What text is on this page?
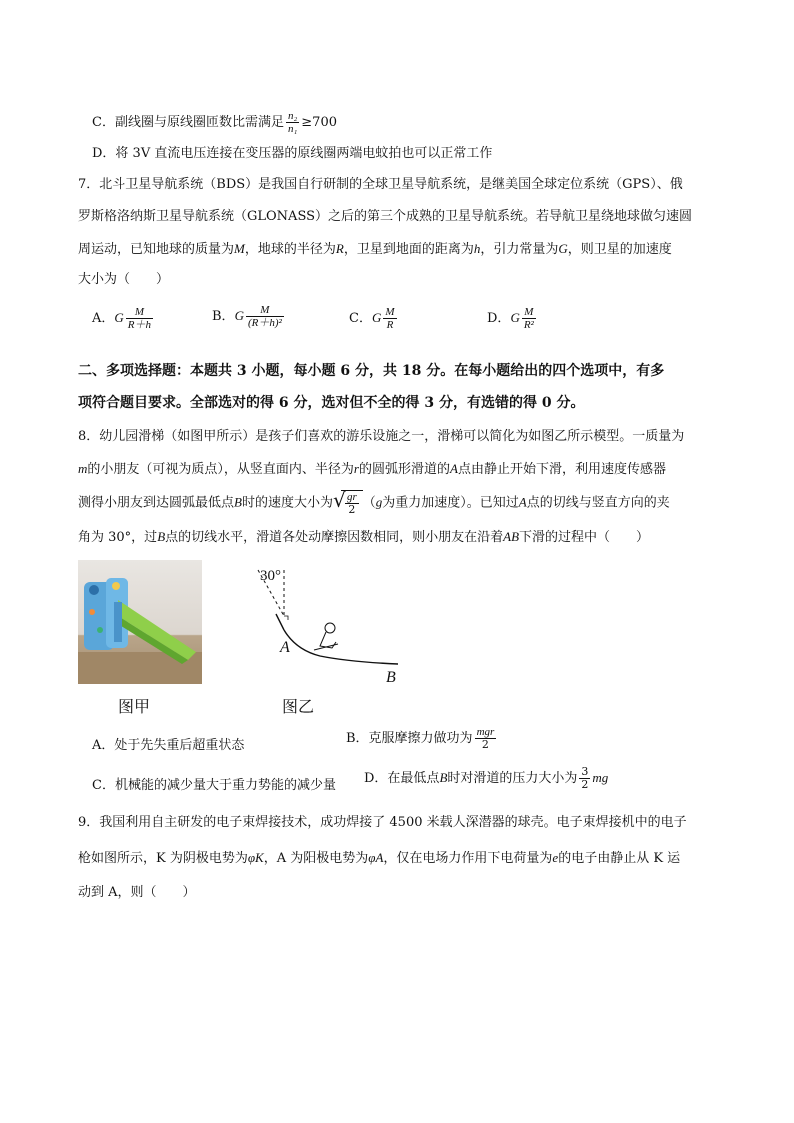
C．副线圈与原线圈匝数比需满足 $\frac{\text{n₂}}{\text{n₁}} \ge 700$
D．将 3V 直流电压连接在变压器的原线圈两端电蚊拍也可以正常工作
7．北斗卫星导航系统（BDS）是我国自行研制的全球卫星导航系统，是继美国全球定位系统（GPS）、俄
罗斯格洛纳斯卫星导航系统（GLONASS）之后的第三个成熟的卫星导航系统。若导航卫星绕地球做匀速圆
周运动，已知地球的质量为M，地球的半径为R，卫星到地面的距离为h，引力常量为G，则卫星的加速度
大小为（　　）
A．G $\frac{M}{R+h}$	B．G $\frac{M}{\text{(R＋h)²}}$	C．G $\frac{M}{R}$	D．G $\frac{M}{\text{R²}}$
二、多项选择题：本题共 3 小题，每小题 6 分，共 18 分。在每小题给出的四个选项中，有多
项符合题目要求。全部选对的得 6 分，选对但不全的得 3 分，有选错的得 0 分。
8．幼儿园滑梯（如图甲所示）是孩子们喜欢的游乐设施之一，滑梯可以简化为如图乙所示模型。一质量为
m的小朋友（可视为质点），从竖直面内、半径为r的圆弧形滑道的A点由静止开始下滑，利用速度传感器
测得小朋友到达圆弧最低点B时的速度大小为 √ $\frac{gr}{2} (g$为重力加速度）。已知过A点的切线与竖直方向的夹
角为 30°，过B点的切线水平，滑道各处动摩擦因数相同，则小朋友在沿着AB下滑的过程中（　　）
图甲
30°
A
B
图乙
A．处于先失重后超重状态	B．克服摩擦力做功为 $\frac{\text{mgr}}{2}$
C．机械能的减少量大于重力势能的减少量 D．在最低点B时对滑道的压力大小为 $\frac{3}{2}$ mg
9．我国利用自主研发的电子束焊接技术，成功焊接了 4500 米载人深潜器的球壳。电子束焊接机中的电子
枪如图所示，K 为阴极电势为φK，A 为阳极电势为φA，仅在电场力作用下电荷量为e的电子由静止从 K 运
动到 A，则（　　）
